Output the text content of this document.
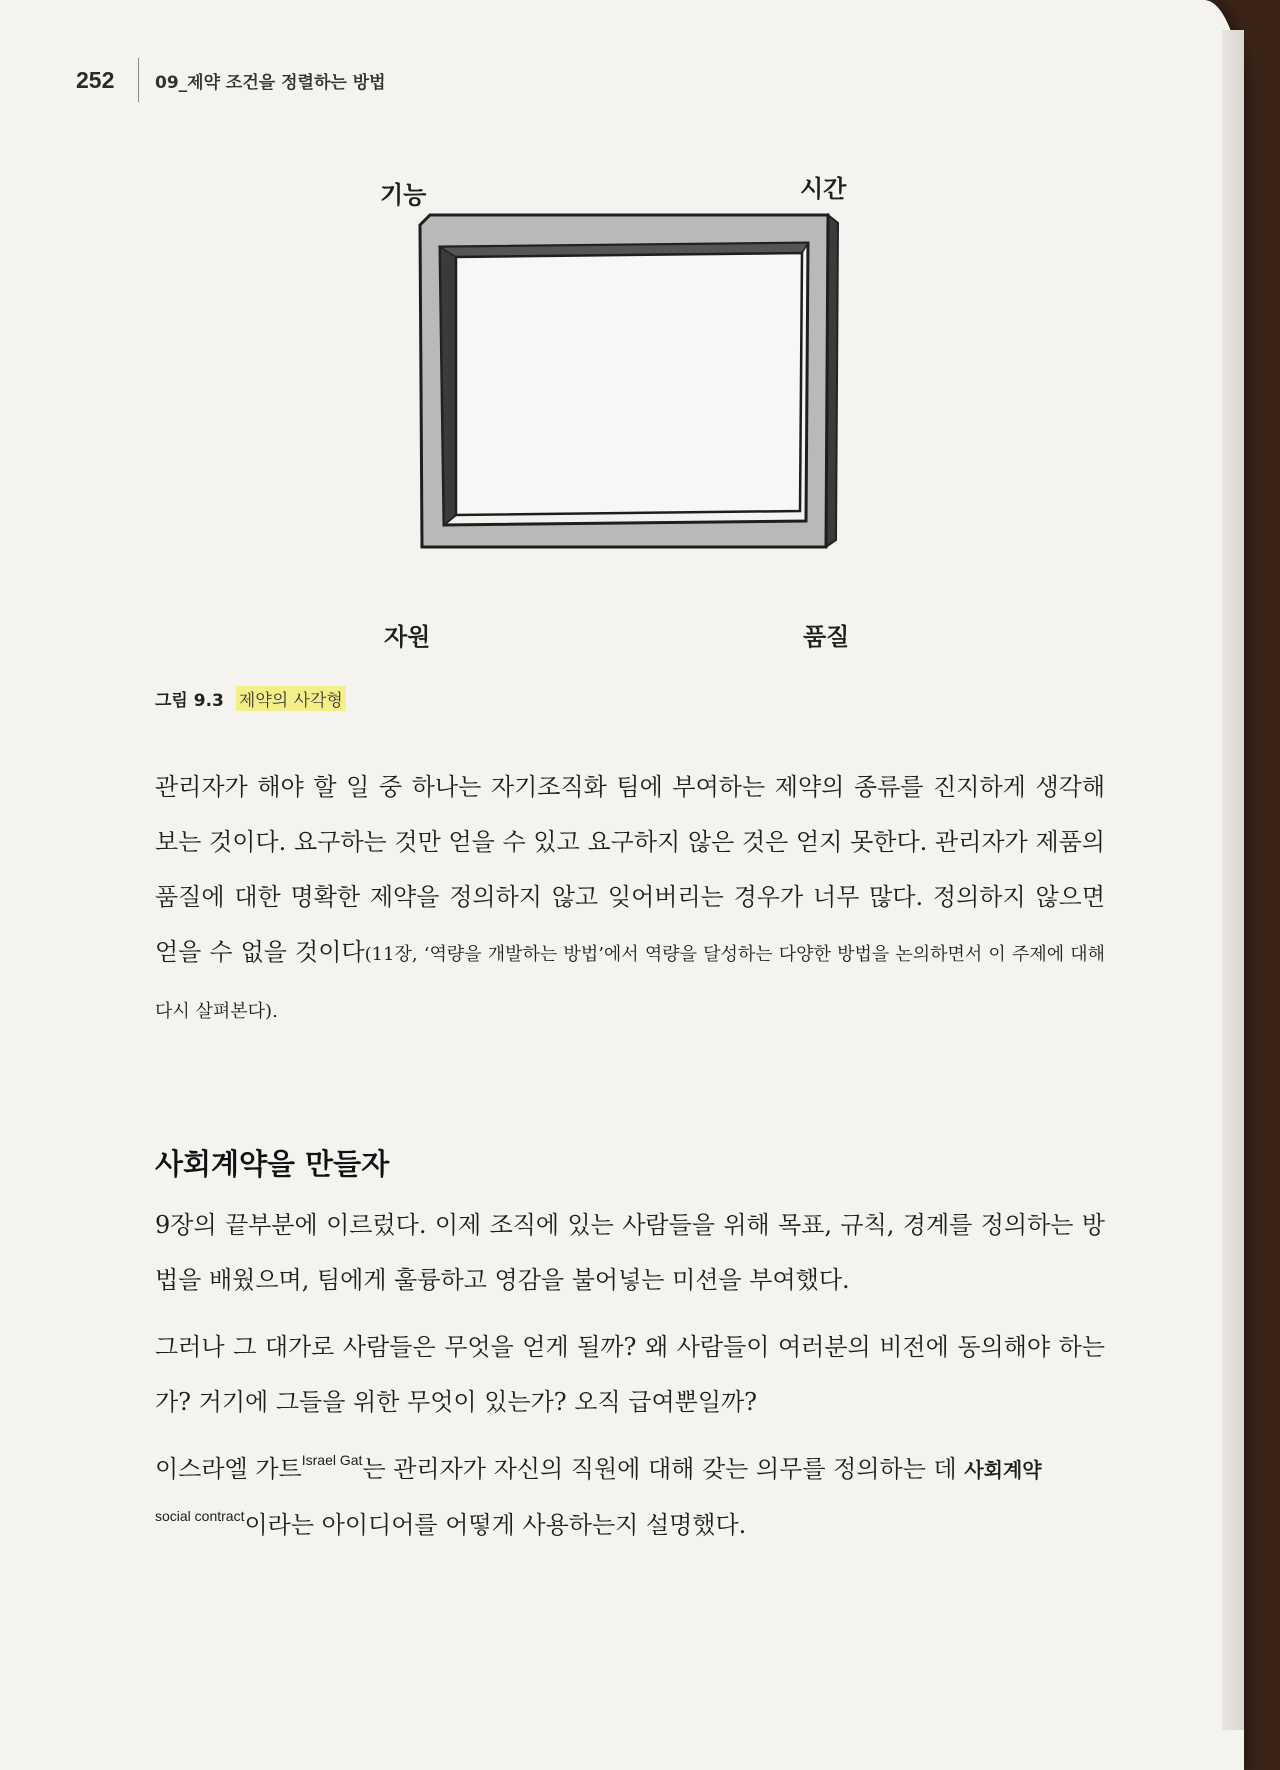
252	09_제약 조건을 정렬하는 방법
기능	시간
자원	품질
그림 9.3 제약의 사각형

관리자가 해야 할 일 중 하나는 자기조직화 팀에 부여하는 제약의 종류를 진지하게 생각해 보는 것이다. 요구하는 것만 얻을 수 있고 요구하지 않은 것은 얻지 못한다. 관리자가 제품의 품질에 대한 명확한 제약을 정의하지 않고 잊어버리는 경우가 너무 많다. 정의하지 않으면 얻을 수 없을 것이다(11장, ‘역량을 개발하는 방법’에서 역량을 달성하는 다양한 방법을 논의하면서 이 주제에 대해 다시 살펴본다).

사회계약을 만들자

9장의 끝부분에 이르렀다. 이제 조직에 있는 사람들을 위해 목표, 규칙, 경계를 정의하는 방법을 배웠으며, 팀에게 훌륭하고 영감을 불어넣는 미션을 부여했다.

그러나 그 대가로 사람들은 무엇을 얻게 될까? 왜 사람들이 여러분의 비전에 동의해야 하는가? 거기에 그들을 위한 무엇이 있는가? 오직 급여뿐일까?

이스라엘 가트$^{Israel Gat}$는 관리자가 자신의 직원에 대해 갖는 의무를 정의하는 데 사회계약
$^{social contract}$이라는 아이디어를 어떻게 사용하는지 설명했다.
